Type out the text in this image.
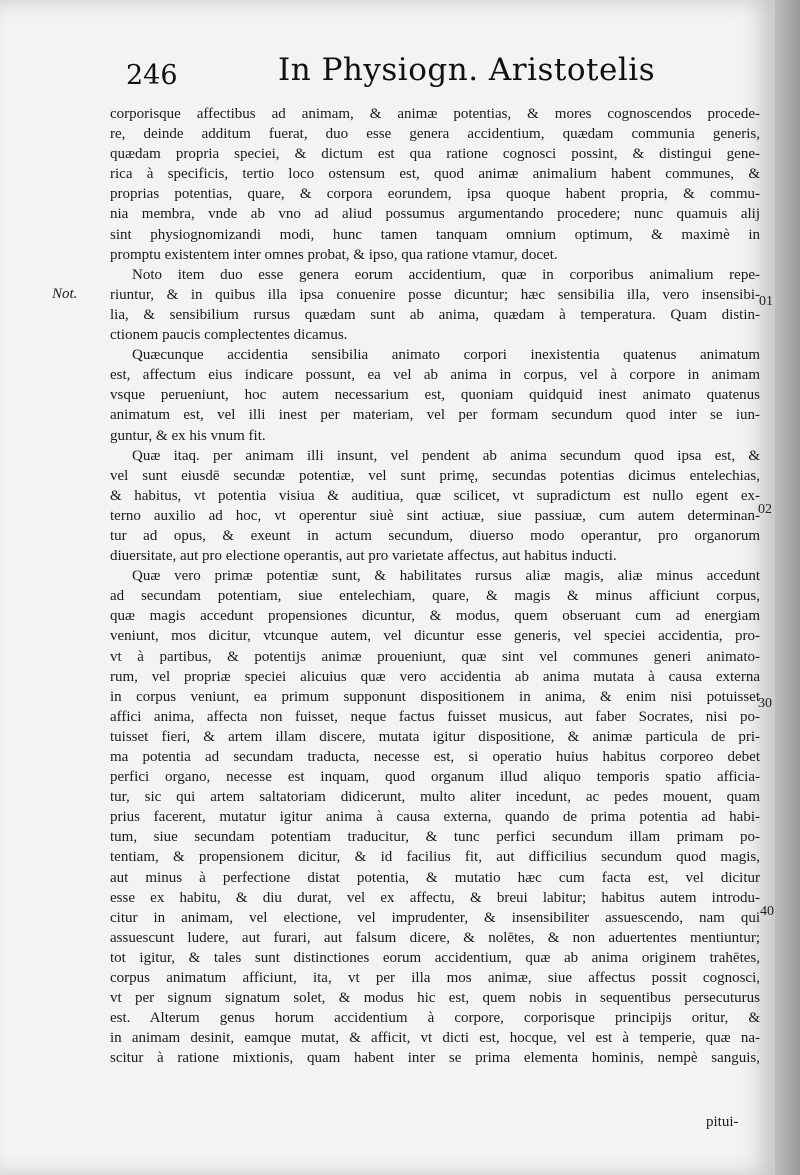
246	In Physiogn. Aristotelis
Not.	01
02
30
40
corporisque affectibus ad animam, & animæ potentias, & mores cognoscendos procede-
re, deinde additum fuerat, duo esse genera accidentium, quædam communia generis,
quædam propria speciei, & dictum est qua ratione cognosci possint, & distingui gene-
rica à specificis, tertio loco ostensum est, quod animæ animalium habent communes, &
proprias potentias, quare, & corpora eorundem, ipsa quoque habent propria, & commu-
nia membra, vnde ab vno ad aliud possumus argumentando procedere; nunc quamuis alij
sint physiognomizandi modi, hunc tamen tanquam omnium optimum, & maximè in
promptu existentem inter omnes probat, & ipso, qua ratione vtamur, docet.
Noto item duo esse genera eorum accidentium, quæ in corporibus animalium repe-
riuntur, & in quibus illa ipsa conuenire posse dicuntur; hæc sensibilia illa, vero insensibi-
lia, & sensibilium rursus quædam sunt ab anima, quædam à temperatura. Quam distin-
ctionem paucis complectentes dicamus.
Quæcunque accidentia sensibilia animato corpori inexistentia quatenus animatum
est, affectum eius indicare possunt, ea vel ab anima in corpus, vel à corpore in animam
vsque perueniunt, hoc autem necessarium est, quoniam quidquid inest animato quatenus
animatum est, vel illi inest per materiam, vel per formam secundum quod inter se iun-
guntur, & ex his vnum fit.
Quæ itaq. per animam illi insunt, vel pendent ab anima secundum quod ipsa est, &
vel sunt eiusdē secundæ potentiæ, vel sunt primę, secundas potentias dicimus entelechias,
& habitus, vt potentia visiua & auditiua, quæ scilicet, vt supradictum est nullo egent ex-
terno auxilio ad hoc, vt operentur siuè sint actiuæ, siue passiuæ, cum autem determinan-
tur ad opus, & exeunt in actum secundum, diuerso modo operantur, pro organorum
diuersitate, aut pro electione operantis, aut pro varietate affectus, aut habitus inducti.
Quæ vero primæ potentiæ sunt, & habilitates rursus aliæ magis, aliæ minus accedunt
ad secundam potentiam, siue entelechiam, quare, & magis & minus afficiunt corpus,
quæ magis accedunt propensiones dicuntur, & modus, quem obseruant cum ad energiam
veniunt, mos dicitur, vtcunque autem, vel dicuntur esse generis, vel speciei accidentia, pro-
vt à partibus, & potentijs animæ proueniunt, quæ sint vel communes generi animato-
rum, vel propriæ speciei alicuius quæ vero accidentia ab anima mutata à causa externa
in corpus veniunt, ea primum supponunt dispositionem in anima, & enim nisi potuisset
affici anima, affecta non fuisset, neque factus fuisset musicus, aut faber Socrates, nisi po-
tuisset fieri, & artem illam discere, mutata igitur dispositione, & animæ particula de pri-
ma potentia ad secundam traducta, necesse est, si operatio huius habitus corporeo debet
perfici organo, necesse est inquam, quod organum illud aliquo temporis spatio afficia-
tur, sic qui artem saltatoriam didicerunt, multo aliter incedunt, ac pedes mouent, quam
prius facerent, mutatur igitur anima à causa externa, quando de prima potentia ad habi-
tum, siue secundam potentiam traducitur, & tunc perfici secundum illam primam po-
tentiam, & propensionem dicitur, & id facilius fit, aut difficilius secundum quod magis,
aut minus à perfectione distat potentia, & mutatio hæc cum facta est, vel dicitur
esse ex habitu, & diu durat, vel ex affectu, & breui labitur; habitus autem introdu-
citur in animam, vel electione, vel imprudenter, & insensibiliter assuescendo, nam qui
assuescunt ludere, aut furari, aut falsum dicere, & nolētes, & non aduertentes mentiuntur;
tot igitur, & tales sunt distinctiones eorum accidentium, quæ ab anima originem trahētes,
corpus animatum afficiunt, ita, vt per illa mos animæ, siue affectus possit cognosci,
vt per signum signatum solet, & modus hic est, quem nobis in sequentibus persecuturus
est. Alterum genus horum accidentium à corpore, corporisque principijs oritur, &
in animam desinit, eamque mutat, & afficit, vt dicti est, hocque, vel est à temperie, quæ na-
scitur à ratione mixtionis, quam habent inter se prima elementa hominis, nempè sanguis,
pitui-
